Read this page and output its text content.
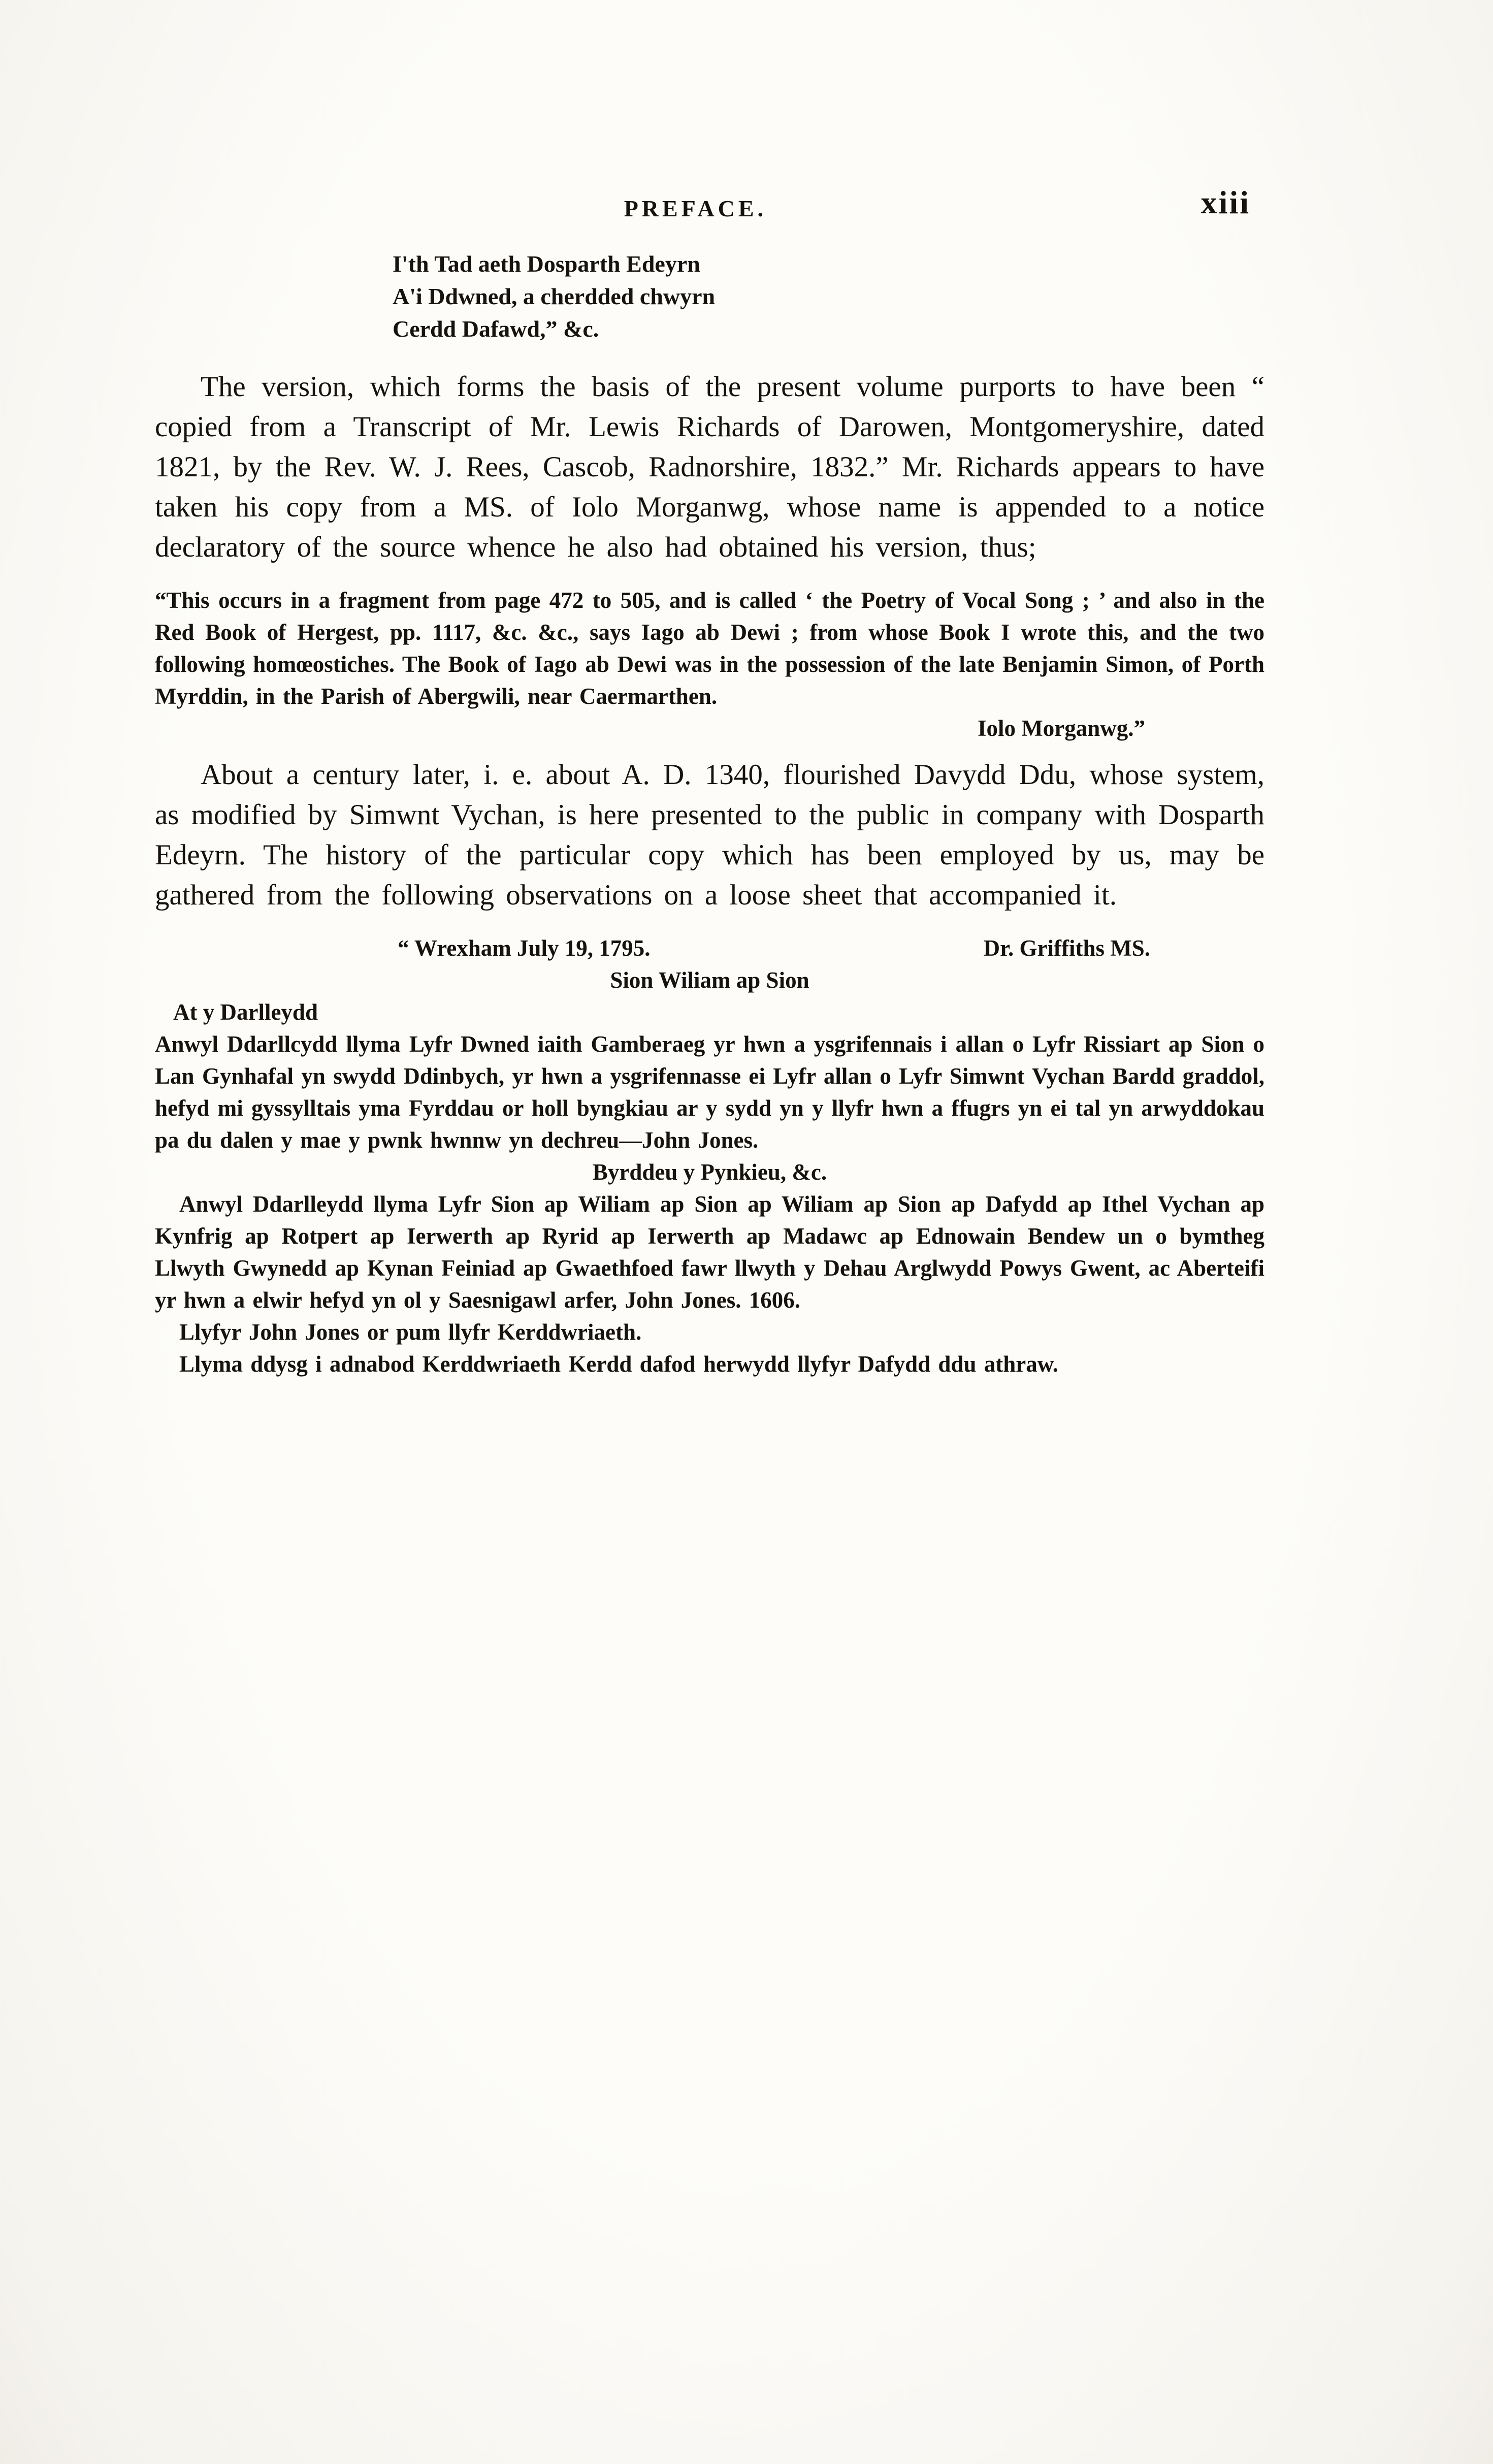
PREFACE.	xiii
I'th Tad aeth Dosparth Edeyrn
A'i Ddwned, a cherdded chwyrn
Cerdd Dafawd,” &c.

The version, which forms the basis of the present volume purports to have been “ copied from a Transcript of Mr. Lewis Richards of Darowen, Montgomeryshire, dated 1821, by the Rev. W. J. Rees, Cascob, Radnorshire, 1832.” Mr. Richards appears to have taken his copy from a MS. of Iolo Morganwg, whose name is appended to a notice declaratory of the source whence he also had obtained his version, thus;

“This occurs in a fragment from page 472 to 505, and is called ‘ the Poetry of Vocal Song ; ’ and also in the Red Book of Hergest, pp. 1117, &c. &c., says Iago ab Dewi ; from whose Book I wrote this, and the two following homœostiches. The Book of Iago ab Dewi was in the possession of the late Benjamin Simon, of Porth Myrddin, in the Parish of Abergwili, near Caermarthen.

Iolo Morganwg.”

About a century later, i. e. about A. D. 1340, flourished Davydd Ddu, whose system, as modified by Simwnt Vychan, is here presented to the public in company with Dosparth Edeyrn. The history of the particular copy which has been employed by us, may be gathered from the following observations on a loose sheet that accompanied it.

“ Wrexham July 19, 1795.	Dr. Griffiths MS.

Sion Wiliam ap Sion

At y Darlleydd

Anwyl Ddarllcydd llyma Lyfr Dwned iaith Gamberaeg yr hwn a ysgrifennais i allan o Lyfr Rissiart ap Sion o Lan Gynhafal yn swydd Ddinbych, yr hwn a ysgrifennasse ei Lyfr allan o Lyfr Simwnt Vychan Bardd graddol, hefyd mi gyssylltais yma Fyrddau or holl byngkiau ar y sydd yn y llyfr hwn a ffugrs yn ei tal yn arwyddokau pa du dalen y mae y pwnk hwnnw yn dechreu—John Jones.

Byrddeu y Pynkieu, &c.

Anwyl Ddarlleydd llyma Lyfr Sion ap Wiliam ap Sion ap Wiliam ap Sion ap Dafydd ap Ithel Vychan ap Kynfrig ap Rotpert ap Ierwerth ap Ryrid ap Ierwerth ap Madawc ap Ednowain Bendew un o bymtheg Llwyth Gwynedd ap Kynan Feiniad ap Gwaethfoed fawr llwyth y Dehau Arglwydd Powys Gwent, ac Aberteifi yr hwn a elwir hefyd yn ol y Saesnigawl arfer, John Jones. 1606.

Llyfyr John Jones or pum llyfr Kerddwriaeth.

Llyma ddysg i adnabod Kerddwriaeth Kerdd dafod herwydd llyfyr Dafydd ddu athraw.
